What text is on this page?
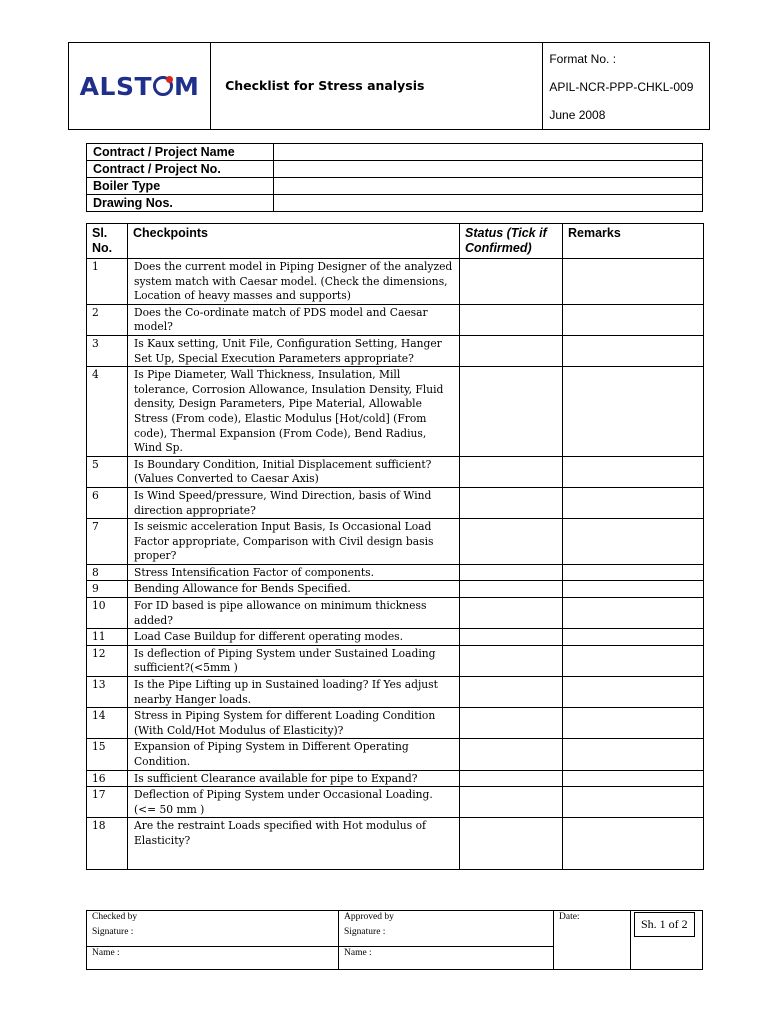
ALST M	Checklist for Stress analysis	
Format No. :
APIL-NCR-PPP-CHKL-009
June 2008
Contract / Project Name	
Contract / Project No.	
Boiler Type	
Drawing Nos.	
Sl. No.	Checkpoints	Status (Tick if Confirmed)	Remarks
1	Does the current model in Piping Designer of the analyzed system match with Caesar model. (Check the dimensions, Location of heavy masses and supports)		
2	Does the Co-ordinate match of PDS model and Caesar model?		
3	Is Kaux setting, Unit File, Configuration Setting, Hanger Set Up, Special Execution Parameters appropriate?		
4	Is Pipe Diameter, Wall Thickness, Insulation, Mill tolerance, Corrosion Allowance, Insulation Density, Fluid density, Design Parameters, Pipe Material, Allowable Stress (From code), Elastic Modulus [Hot/cold] (From code), Thermal Expansion (From Code), Bend Radius, Wind Sp.		
5	Is Boundary Condition, Initial Displacement sufficient?(Values Converted to Caesar Axis)		
6	Is Wind Speed/pressure, Wind Direction, basis of Wind direction appropriate?		
7	Is seismic acceleration Input Basis, Is Occasional Load Factor appropriate, Comparison with Civil design basis proper?		
8	Stress Intensification Factor of components.		
9	Bending Allowance for Bends Specified.		
10	For ID based is pipe allowance on minimum thickness added?		
11	Load Case Buildup for different operating modes.		
12	Is deflection of Piping System under Sustained Loading sufficient?(<5mm )		
13	Is the Pipe Lifting up in Sustained loading? If Yes adjust nearby Hanger loads.		
14	Stress in Piping System for different Loading Condition (With Cold/Hot Modulus of Elasticity)?		
15	Expansion of Piping System in Different Operating Condition.		
16	Is sufficient Clearance available for pipe to Expand?		
17	Deflection of Piping System under Occasional Loading. (<= 50 mm )		
18	Are the restraint Loads specified with Hot modulus of Elasticity?		
Checked by	Approved by	Date:	Sh. 1 of 2
Signature :	Signature :		
Name :	Name :		
